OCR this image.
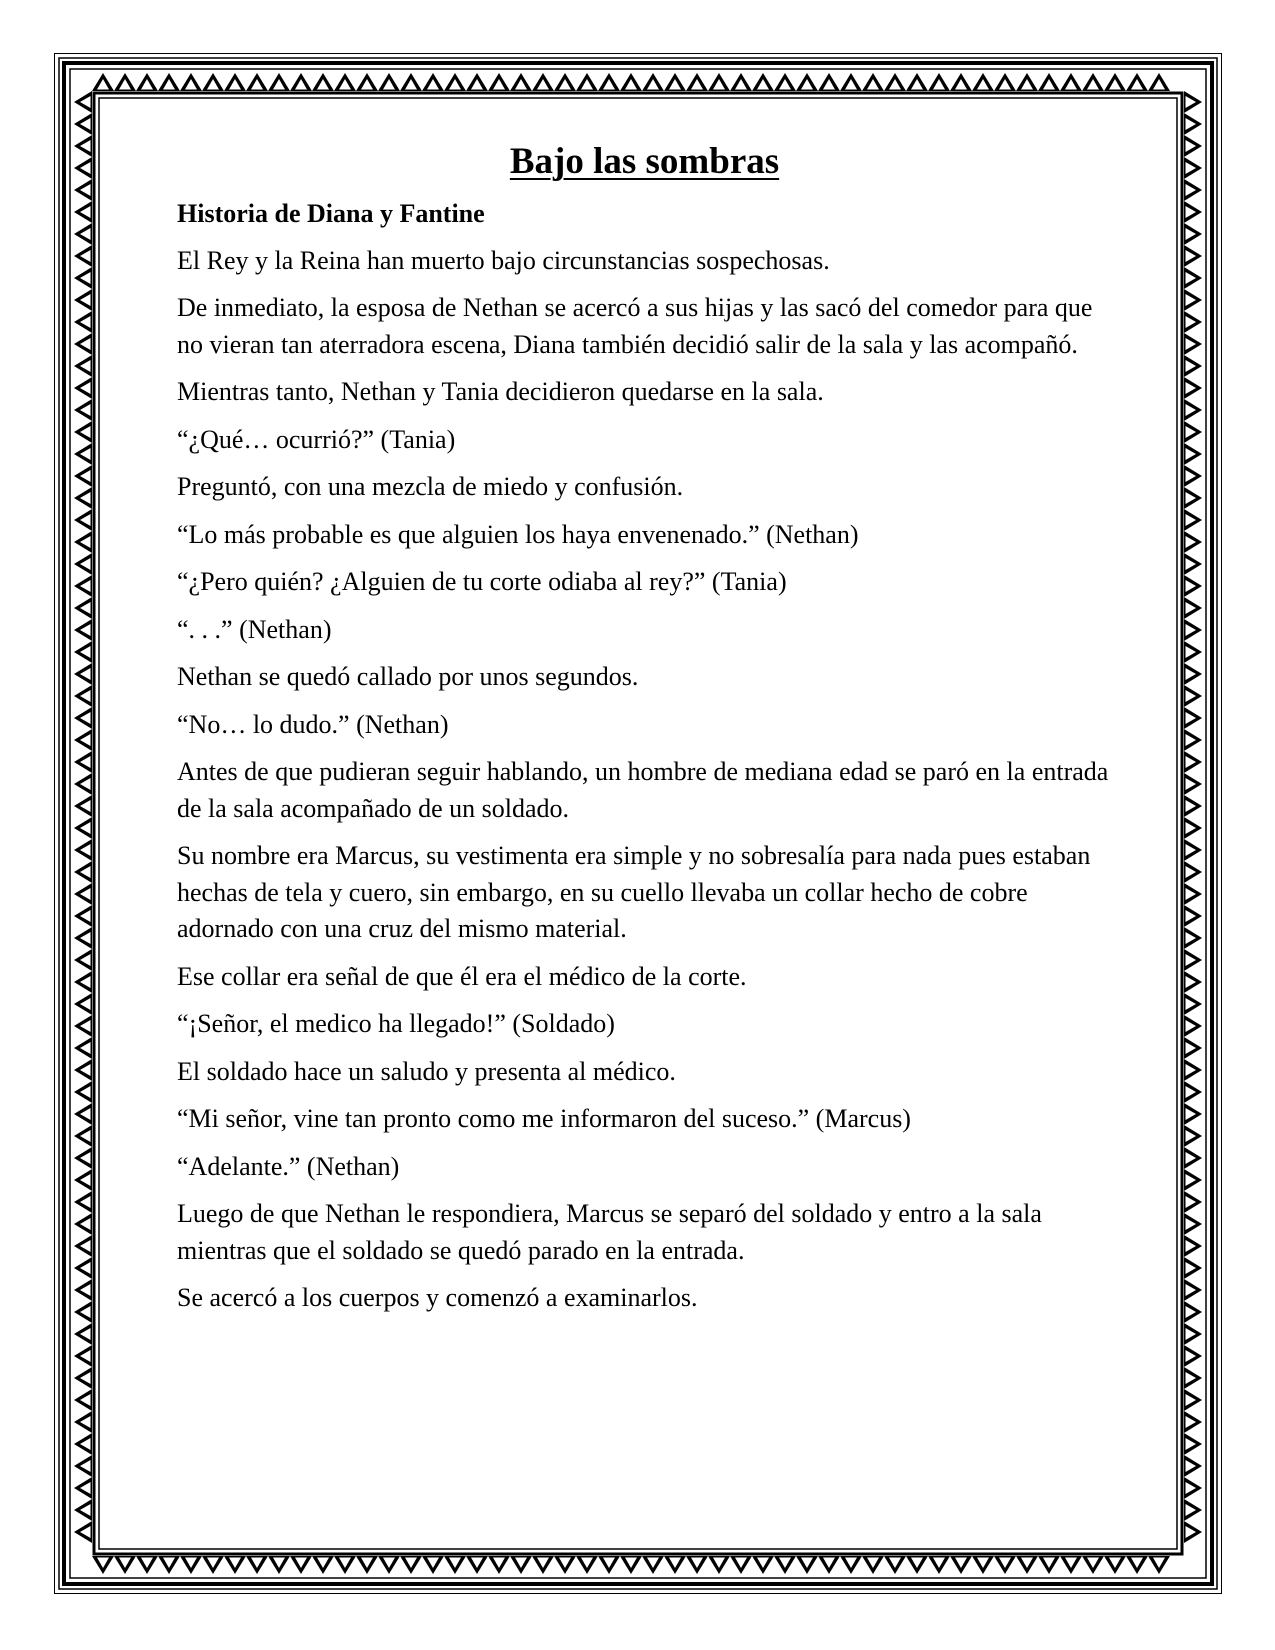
Bajo las sombras
Historia de Diana y Fantine

El Rey y la Reina han muerto bajo circunstancias sospechosas.

De inmediato, la esposa de Nethan se acercó a sus hijas y las sacó del comedor para que no vieran tan aterradora escena, Diana también decidió salir de la sala y las acompañó.

Mientras tanto, Nethan y Tania decidieron quedarse en la sala.

“¿Qué… ocurrió?” (Tania)

Preguntó, con una mezcla de miedo y confusión.

“Lo más probable es que alguien los haya envenenado.” (Nethan)

“¿Pero quién? ¿Alguien de tu corte odiaba al rey?” (Tania)

“. . .” (Nethan)

Nethan se quedó callado por unos segundos.

“No… lo dudo.” (Nethan)

Antes de que pudieran seguir hablando, un hombre de mediana edad se paró en la entrada de la sala acompañado de un soldado.

Su nombre era Marcus, su vestimenta era simple y no sobresalía para nada pues estaban hechas de tela y cuero, sin embargo, en su cuello llevaba un collar hecho de cobre adornado con una cruz del mismo material.

Ese collar era señal de que él era el médico de la corte.

“¡Señor, el medico ha llegado!” (Soldado)

El soldado hace un saludo y presenta al médico.

“Mi señor, vine tan pronto como me informaron del suceso.” (Marcus)

“Adelante.” (Nethan)

Luego de que Nethan le respondiera, Marcus se separó del soldado y entro a la sala mientras que el soldado se quedó parado en la entrada.

Se acercó a los cuerpos y comenzó a examinarlos.
